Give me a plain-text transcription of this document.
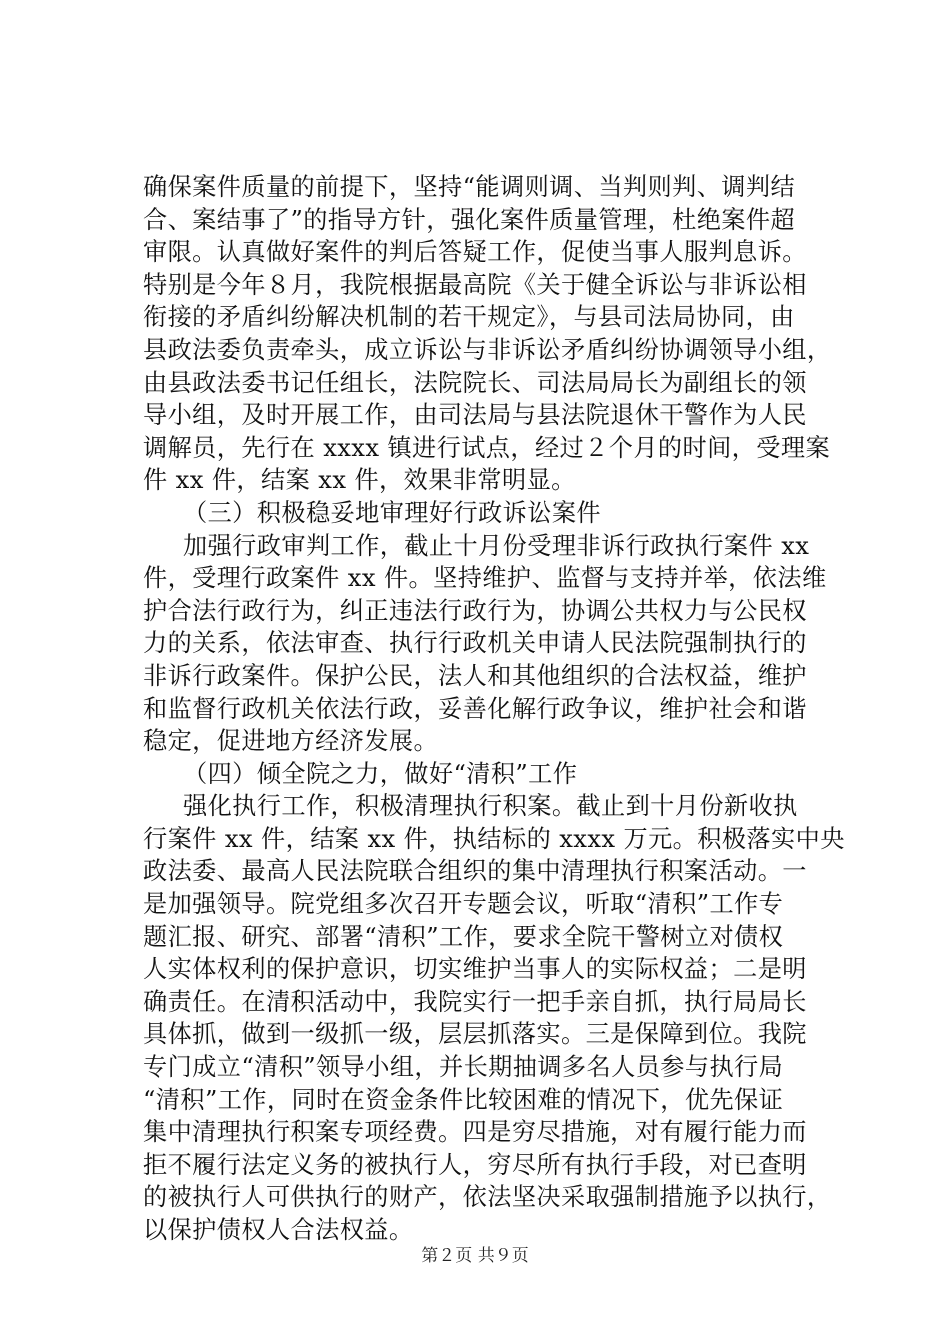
确保案件质量的前提下，坚持“能调则调、当判则判、调判结
合、案结事了”的指导方针，强化案件质量管理，杜绝案件超
审限。认真做好案件的判后答疑工作，促使当事人服判息诉。
特别是今年８月，我院根据最高院《关于健全诉讼与非诉讼相
衔接的矛盾纠纷解决机制的若干规定》，与县司法局协同，由
县政法委负责牵头，成立诉讼与非诉讼矛盾纠纷协调领导小组，
由县政法委书记任组长，法院院长、司法局局长为副组长的领
导小组，及时开展工作，由司法局与县法院退休干警作为人民
调解员，先行在 xxxx 镇进行试点，经过２个月的时间，受理案
件 xx 件，结案 xx 件，效果非常明显。

（三）积极稳妥地审理好行政诉讼案件

加强行政审判工作，截止十月份受理非诉行政执行案件 xx
件，受理行政案件 xx 件。坚持维护、监督与支持并举，依法维
护合法行政行为，纠正违法行政行为，协调公共权力与公民权
力的关系，依法审查、执行行政机关申请人民法院强制执行的
非诉行政案件。保护公民，法人和其他组织的合法权益，维护
和监督行政机关依法行政，妥善化解行政争议，维护社会和谐
稳定，促进地方经济发展。

（四）倾全院之力，做好“清积”工作

强化执行工作，积极清理执行积案。截止到十月份新收执
行案件 xx 件，结案 xx 件，执结标的 xxxx 万元。积极落实中央
政法委、最高人民法院联合组织的集中清理执行积案活动。一
是加强领导。院党组多次召开专题会议，听取“清积”工作专
题汇报、研究、部署“清积”工作，要求全院干警树立对债权
人实体权利的保护意识，切实维护当事人的实际权益；二是明
确责任。在清积活动中，我院实行一把手亲自抓，执行局局长
具体抓，做到一级抓一级，层层抓落实。三是保障到位。我院
专门成立“清积”领导小组，并长期抽调多名人员参与执行局
“清积”工作，同时在资金条件比较困难的情况下，优先保证
集中清理执行积案专项经费。四是穷尽措施，对有履行能力而
拒不履行法定义务的被执行人，穷尽所有执行手段，对已查明
的被执行人可供执行的财产，依法坚决采取强制措施予以执行，
以保护债权人合法权益。

第２页 共９页
